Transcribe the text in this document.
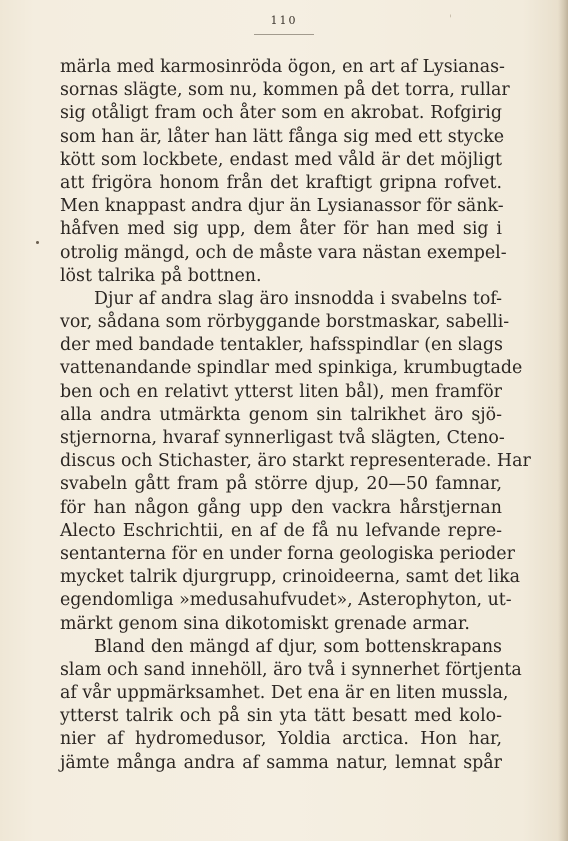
110	'
märla med karmosinröda ögon, en art af Lysianas-
sornas slägte, som nu, kommen på det torra, rullar
sig otåligt fram och åter som en akrobat. Rofgirig
som han är, låter han lätt fånga sig med ett stycke
kött som lockbete, endast med våld är det möjligt
att frigöra honom från det kraftigt gripna rofvet.
Men knappast andra djur än Lysianassor för sänk-
håfven med sig upp, dem åter för han med sig i
otrolig mängd, och de måste vara nästan exempel-
löst talrika på bottnen.
Djur af andra slag äro insnodda i svabelns tof-
vor, sådana som rörbyggande borstmaskar, sabelli-
der med bandade tentakler, hafsspindlar (en slags
vattenandande spindlar med spinkiga, krumbugtade
ben och en relativt ytterst liten bål), men framför
alla andra utmärkta genom sin talrikhet äro sjö-
stjernorna, hvaraf synnerligast två slägten, Cteno-
discus och Stichaster, äro starkt representerade. Har
svabeln gått fram på större djup, 20—50 famnar,
för han någon gång upp den vackra hårstjernan
Alecto Eschrichtii, en af de få nu lefvande repre-
sentanterna för en under forna geologiska perioder
mycket talrik djurgrupp, crinoideerna, samt det lika
egendomliga »medusahufvudet», Asterophyton, ut-
märkt genom sina dikotomiskt grenade armar.
Bland den mängd af djur, som bottenskrapans
slam och sand innehöll, äro två i synnerhet förtjenta
af vår uppmärksamhet. Det ena är en liten mussla,
ytterst talrik och på sin yta tätt besatt med kolo-
nier af hydromedusor, Yoldia arctica. Hon har,
jämte många andra af samma natur, lemnat spår
